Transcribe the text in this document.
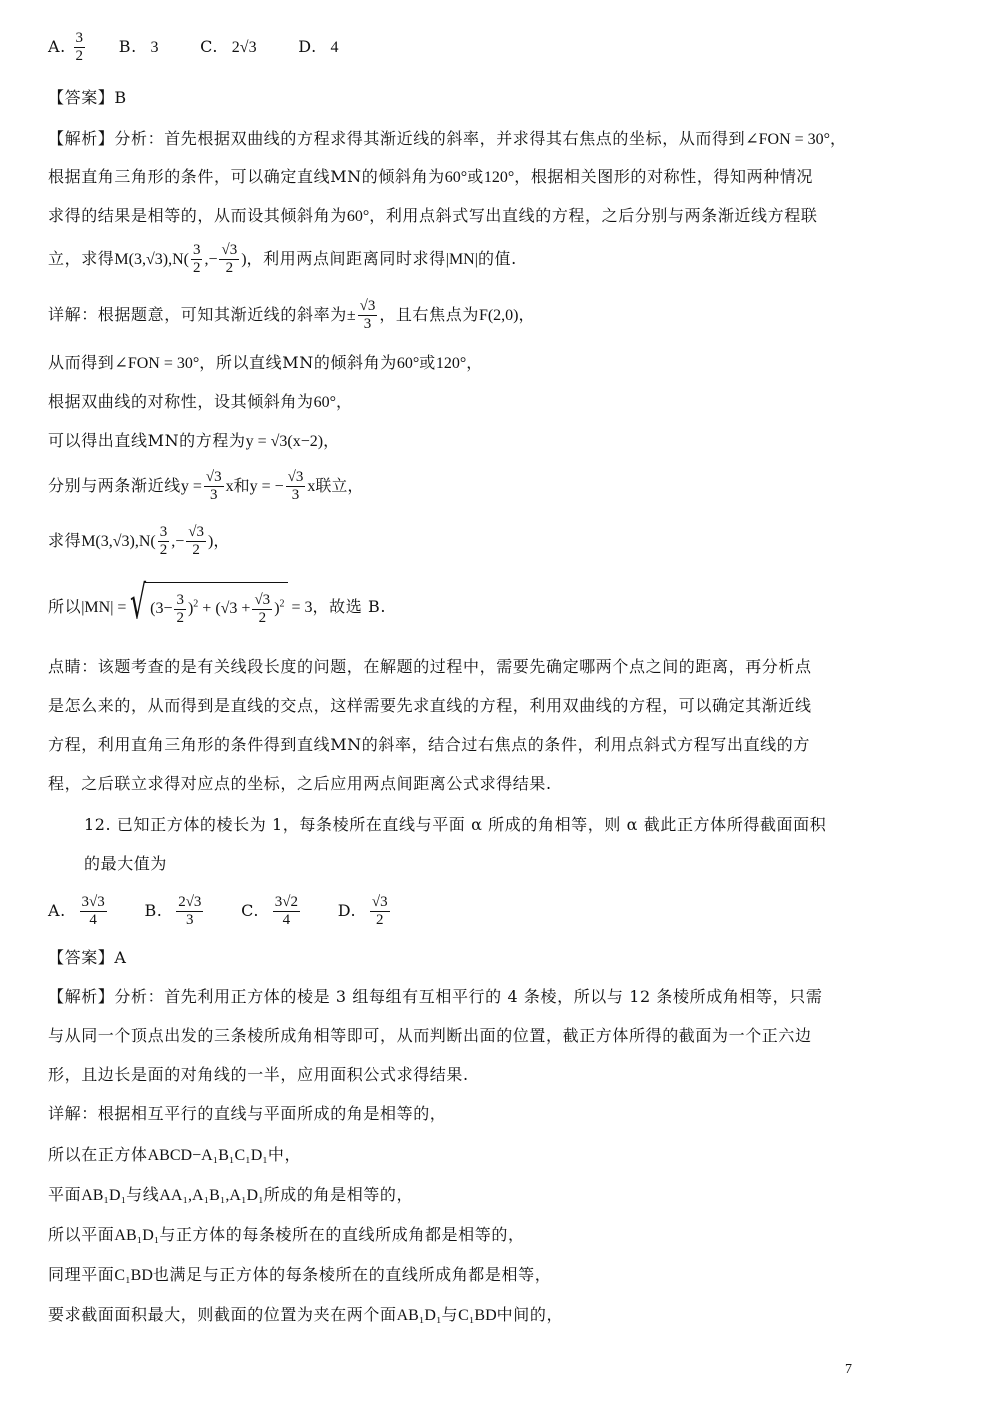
A. $\frac{3}{2} B$. 3	C. 2√3	D. 4
【答案】B
【解析】分析：首先根据双曲线的方程求得其渐近线的斜率，并求得其右焦点的坐标，从而得到∠FON = 30°，
根据直角三角形的条件，可以确定直线MN的倾斜角为60°或120°，根据相关图形的对称性，得知两种情况
求得的结果是相等的，从而设其倾斜角为60°，利用点斜式写出直线的方程，之后分别与两条渐近线方程联
立，求得$M(3,√3),N( \frac{3}{2}$ ,− $\frac{√3}{2}$ )，利用两点间距离同时求得|MN|的值.
详解：根据题意，可知其渐近线的斜率为± $\frac{√3}{3}$ ，且右焦点为F(2,0)，
从而得到∠FON = 30°，所以直线MN的倾斜角为60°或120°，
根据双曲线的对称性，设其倾斜角为60°，
可以得出直线MN的方程为y = √3(x−2)，
分别与两条渐近线$y = \frac{√3}{3}$ x和y = − $\frac{√3}{3}$ x联立，
求得$M(3,√3),N( \frac{3}{2}$ ,− $\frac{√3}{2}$ )，
所以|MN| = √ $(3- \frac{3}{2} )^2 + (√3 + \frac{√3}{2} )^2 = 3$，故选 B.
点睛：该题考查的是有关线段长度的问题，在解题的过程中，需要先确定哪两个点之间的距离，再分析点
是怎么来的，从而得到是直线的交点，这样需要先求直线的方程，利用双曲线的方程，可以确定其渐近线
方程，利用直角三角形的条件得到直线MN的斜率，结合过右焦点的条件，利用点斜式方程写出直线的方
程，之后联立求得对应点的坐标，之后应用两点间距离公式求得结果.
12. 已知正方体的棱长为 1，每条棱所在直线与平面 α 所成的角相等，则 α 截此正方体所得截面面积
的最大值为
A. $\frac{3√3}{4} B$. $\frac{2√3}{3} C$. $\frac{3√2}{4} D$. $\frac{√3}{2}$
【答案】A
【解析】分析：首先利用正方体的棱是 3 组每组有互相平行的 4 条棱，所以与 12 条棱所成角相等，只需
与从同一个顶点出发的三条棱所成角相等即可，从而判断出面的位置，截正方体所得的截面为一个正六边
形，且边长是面的对角线的一半，应用面积公式求得结果.
详解：根据相互平行的直线与平面所成的角是相等的，
所以在正方体ABCD−A₁B₁C₁D₁中，
平面AB₁D₁与线AA₁,A₁B₁,A₁D₁所成的角是相等的，
所以平面AB₁D₁与正方体的每条棱所在的直线所成角都是相等的，
同理平面C₁BD也满足与正方体的每条棱所在的直线所成角都是相等，
要求截面面积最大，则截面的位置为夹在两个面AB₁D₁与C₁BD中间的，
7
